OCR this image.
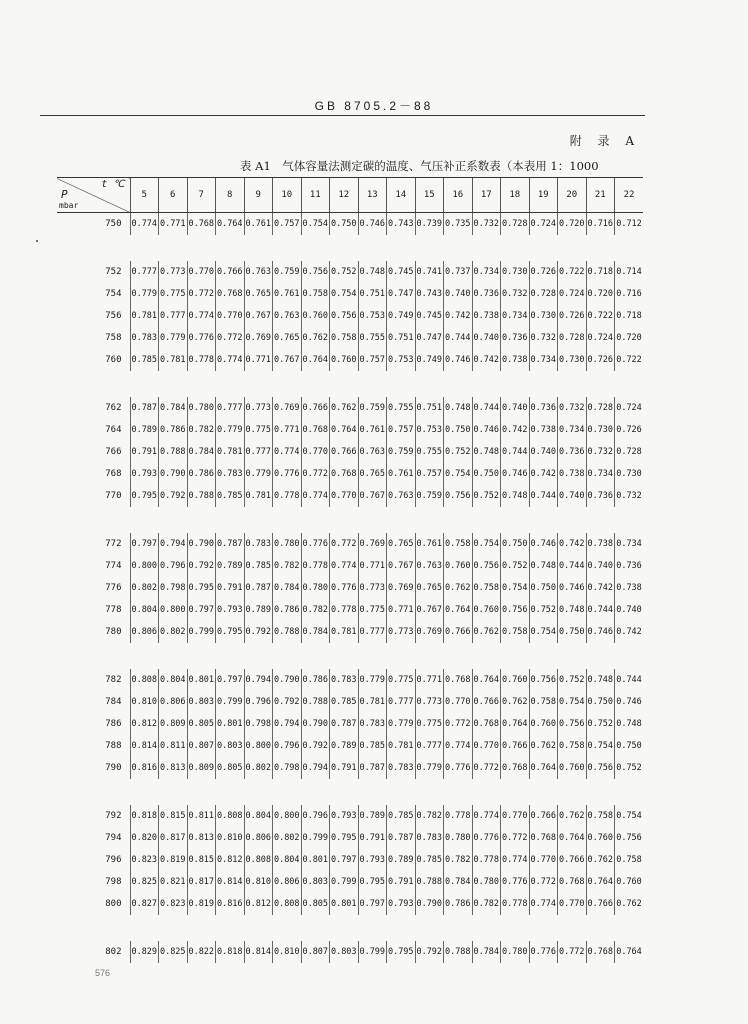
GB 8705.2－88
附 录 A
表 A1　气体容量法测定碳的温度、气压补正系数表（本表用 1：1000
t ℃
P
mbar	5	6	7	8	9	10	11	12	13	14	15	16	17	18	19	20	21	22
750	0.774	0.771	0.768	0.764	0.761	0.757	0.754	0.750	0.746	0.743	0.739	0.735	0.732	0.728	0.724	0.720	0.716	0.712

752	0.777	0.773	0.770	0.766	0.763	0.759	0.756	0.752	0.748	0.745	0.741	0.737	0.734	0.730	0.726	0.722	0.718	0.714
754	0.779	0.775	0.772	0.768	0.765	0.761	0.758	0.754	0.751	0.747	0.743	0.740	0.736	0.732	0.728	0.724	0.720	0.716
756	0.781	0.777	0.774	0.770	0.767	0.763	0.760	0.756	0.753	0.749	0.745	0.742	0.738	0.734	0.730	0.726	0.722	0.718
758	0.783	0.779	0.776	0.772	0.769	0.765	0.762	0.758	0.755	0.751	0.747	0.744	0.740	0.736	0.732	0.728	0.724	0.720
760	0.785	0.781	0.778	0.774	0.771	0.767	0.764	0.760	0.757	0.753	0.749	0.746	0.742	0.738	0.734	0.730	0.726	0.722

762	0.787	0.784	0.780	0.777	0.773	0.769	0.766	0.762	0.759	0.755	0.751	0.748	0.744	0.740	0.736	0.732	0.728	0.724
764	0.789	0.786	0.782	0.779	0.775	0.771	0.768	0.764	0.761	0.757	0.753	0.750	0.746	0.742	0.738	0.734	0.730	0.726
766	0.791	0.788	0.784	0.781	0.777	0.774	0.770	0.766	0.763	0.759	0.755	0.752	0.748	0.744	0.740	0.736	0.732	0.728
768	0.793	0.790	0.786	0.783	0.779	0.776	0.772	0.768	0.765	0.761	0.757	0.754	0.750	0.746	0.742	0.738	0.734	0.730
770	0.795	0.792	0.788	0.785	0.781	0.778	0.774	0.770	0.767	0.763	0.759	0.756	0.752	0.748	0.744	0.740	0.736	0.732

772	0.797	0.794	0.790	0.787	0.783	0.780	0.776	0.772	0.769	0.765	0.761	0.758	0.754	0.750	0.746	0.742	0.738	0.734
774	0.800	0.796	0.792	0.789	0.785	0.782	0.778	0.774	0.771	0.767	0.763	0.760	0.756	0.752	0.748	0.744	0.740	0.736
776	0.802	0.798	0.795	0.791	0.787	0.784	0.780	0.776	0.773	0.769	0.765	0.762	0.758	0.754	0.750	0.746	0.742	0.738
778	0.804	0.800	0.797	0.793	0.789	0.786	0.782	0.778	0.775	0.771	0.767	0.764	0.760	0.756	0.752	0.748	0.744	0.740
780	0.806	0.802	0.799	0.795	0.792	0.788	0.784	0.781	0.777	0.773	0.769	0.766	0.762	0.758	0.754	0.750	0.746	0.742

782	0.808	0.804	0.801	0.797	0.794	0.790	0.786	0.783	0.779	0.775	0.771	0.768	0.764	0.760	0.756	0.752	0.748	0.744
784	0.810	0.806	0.803	0.799	0.796	0.792	0.788	0.785	0.781	0.777	0.773	0.770	0.766	0.762	0.758	0.754	0.750	0.746
786	0.812	0.809	0.805	0.801	0.798	0.794	0.790	0.787	0.783	0.779	0.775	0.772	0.768	0.764	0.760	0.756	0.752	0.748
788	0.814	0.811	0.807	0.803	0.800	0.796	0.792	0.789	0.785	0.781	0.777	0.774	0.770	0.766	0.762	0.758	0.754	0.750
790	0.816	0.813	0.809	0.805	0.802	0.798	0.794	0.791	0.787	0.783	0.779	0.776	0.772	0.768	0.764	0.760	0.756	0.752

792	0.818	0.815	0.811	0.808	0.804	0.800	0.796	0.793	0.789	0.785	0.782	0.778	0.774	0.770	0.766	0.762	0.758	0.754
794	0.820	0.817	0.813	0.810	0.806	0.802	0.799	0.795	0.791	0.787	0.783	0.780	0.776	0.772	0.768	0.764	0.760	0.756
796	0.823	0.819	0.815	0.812	0.808	0.804	0.801	0.797	0.793	0.789	0.785	0.782	0.778	0.774	0.770	0.766	0.762	0.758
798	0.825	0.821	0.817	0.814	0.810	0.806	0.803	0.799	0.795	0.791	0.788	0.784	0.780	0.776	0.772	0.768	0.764	0.760
800	0.827	0.823	0.819	0.816	0.812	0.808	0.805	0.801	0.797	0.793	0.790	0.786	0.782	0.778	0.774	0.770	0.766	0.762

802	0.829	0.825	0.822	0.818	0.814	0.810	0.807	0.803	0.799	0.795	0.792	0.788	0.784	0.780	0.776	0.772	0.768	0.764
576
